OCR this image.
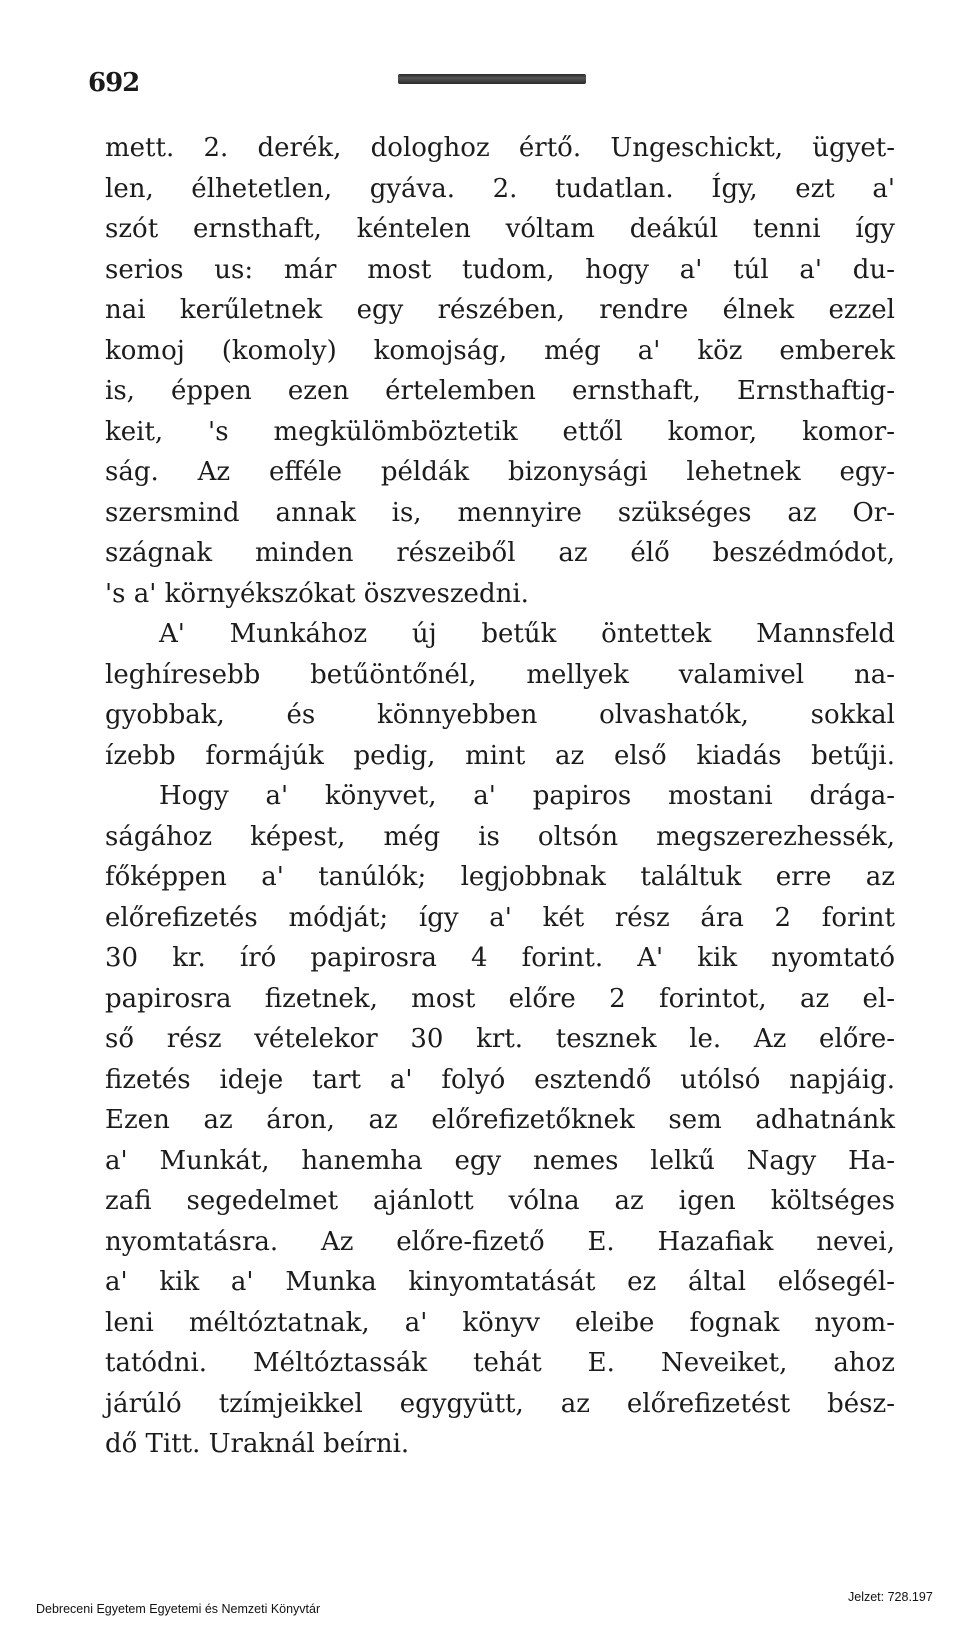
692
mett. 2. derék, dologhoz értő. Ungeschickt, ügyet-
len, élhetetlen, gyáva. 2. tudatlan. Így, ezt a'
szót ernsthaft, kéntelen vóltam deákúl tenni így
serios us: már most tudom, hogy a' túl a' du-
nai kerűletnek egy részében, rendre élnek ezzel
komoj (komoly) komojság, még a' köz emberek
is, éppen ezen értelemben ernsthaft, Ernsthaftig-
keit, 's megkülömböztetik ettől komor, komor-
ság. Az efféle példák bizonysági lehetnek egy-
szersmind annak is, mennyire szükséges az Or-
szágnak minden részeiből az élő beszédmódot,
's a' környékszókat öszveszedni.
A' Munkához új betűk öntettek Mannsfeld
leghíresebb betűöntőnél, mellyek valamivel na-
gyobbak, és könnyebben olvashatók, sokkal
ízebb formájúk pedig, mint az első kiadás betűji.
Hogy a' könyvet, a' papiros mostani drága-
ságához képest, még is oltsón megszerezhessék,
főképpen a' tanúlók; legjobbnak találtuk erre az
előrefizetés módját; így a' két rész ára 2 forint
30 kr. író papirosra 4 forint. A' kik nyomtató
papirosra fizetnek, most előre 2 forintot, az el-
ső rész vételekor 30 krt. tesznek le. Az előre-
fizetés ideje tart a' folyó esztendő utólsó napjáig.
Ezen az áron, az előrefizetőknek sem adhatnánk
a' Munkát, hanemha egy nemes lelkű Nagy Ha-
zafi segedelmet ajánlott vólna az igen költséges
nyomtatásra. Az előre-fizető E. Hazafiak nevei,
a' kik a' Munka kinyomtatását ez által elősegél-
leni méltóztatnak, a' könyv eleibe fognak nyom-
tatódni. Méltóztassák tehát E. Neveiket, ahoz
járúló tzímjeikkel egygyütt, az előrefizetést bész-
dő Titt. Uraknál beírni.
Debreceni Egyetem Egyetemi és Nemzeti Könyvtár
Jelzet: 728.197
